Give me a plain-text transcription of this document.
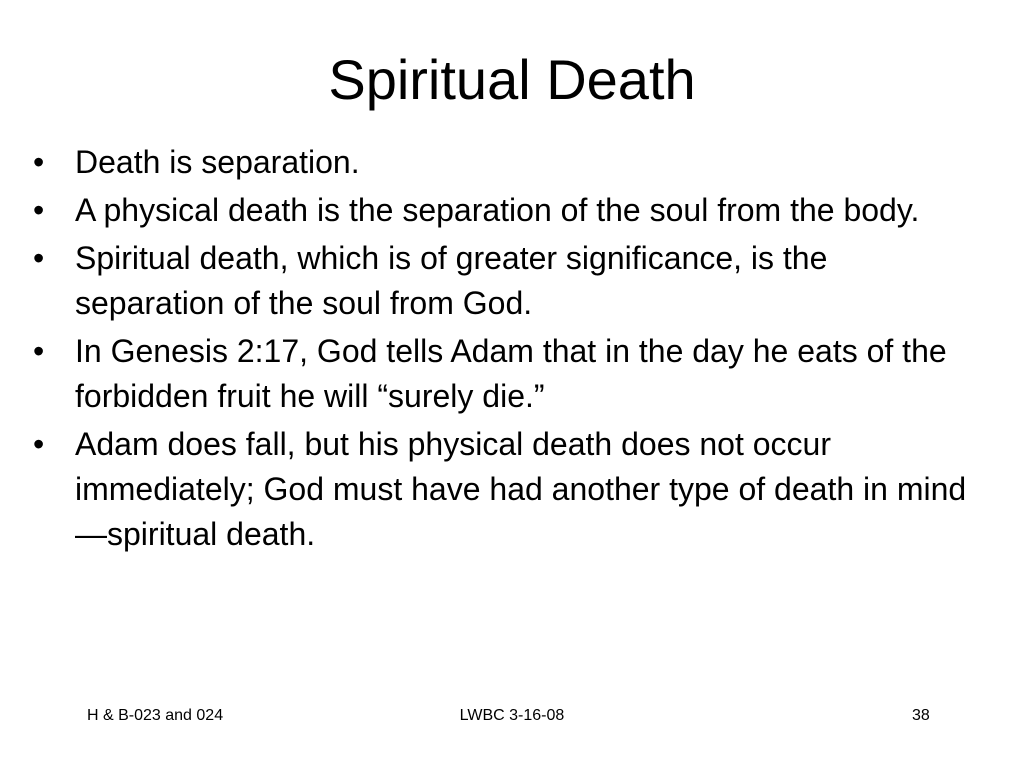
Spiritual Death
• Death is separation.
• A physical death is the separation of the soul from the body.
• Spiritual death, which is of greater significance, is the separation of the soul from God.
• In Genesis 2:17, God tells Adam that in the day he eats of the forbidden fruit he will “surely die.”
• Adam does fall, but his physical death does not occur immediately; God must have had another type of death in mind—spiritual death.
H & B-023 and 024	LWBC 3-16-08	38
